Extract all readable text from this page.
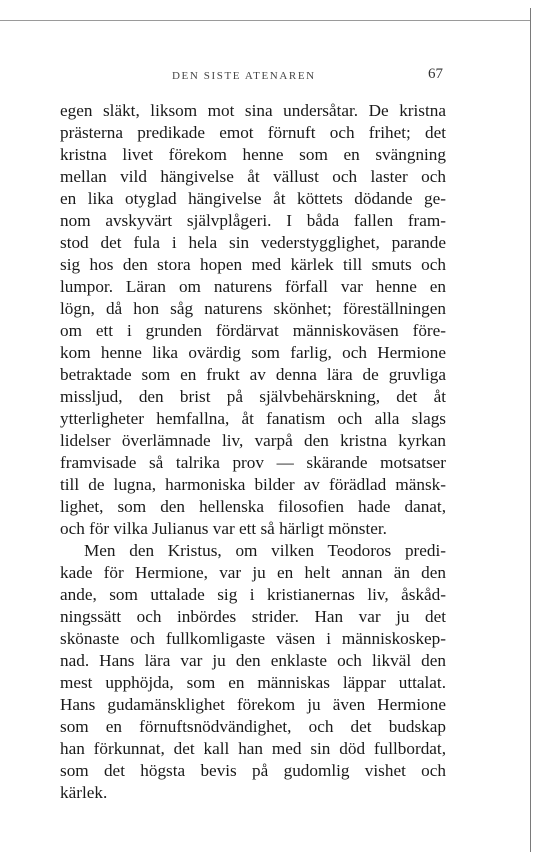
DEN SISTE ATENAREN	67
egen släkt, liksom mot sina undersåtar. De kristna
prästerna predikade emot förnuft och frihet; det
kristna livet förekom henne som en svängning
mellan vild hängivelse åt vällust och laster och
en lika otyglad hängivelse åt köttets dödande ge-
nom avskyvärt självplågeri. I båda fallen fram-
stod det fula i hela sin vederstygglighet, parande
sig hos den stora hopen med kärlek till smuts och
lumpor. Läran om naturens förfall var henne en
lögn, då hon såg naturens skönhet; föreställningen
om ett i grunden fördärvat människoväsen före-
kom henne lika ovärdig som farlig, och Hermione
betraktade som en frukt av denna lära de gruvliga
missljud, den brist på självbehärskning, det åt
ytterligheter hemfallna, åt fanatism och alla slags
lidelser överlämnade liv, varpå den kristna kyrkan
framvisade så talrika prov — skärande motsatser
till de lugna, harmoniska bilder av förädlad mänsk-
lighet, som den hellenska filosofien hade danat,
och för vilka Julianus var ett så härligt mönster.
Men den Kristus, om vilken Teodoros predi-
kade för Hermione, var ju en helt annan än den
ande, som uttalade sig i kristianernas liv, åskåd-
ningssätt och inbördes strider. Han var ju det
skönaste och fullkomligaste väsen i människoskep-
nad. Hans lära var ju den enklaste och likväl den
mest upphöjda, som en människas läppar uttalat.
Hans gudamänsklighet förekom ju även Hermione
som en förnuftsnödvändighet, och det budskap
han förkunnat, det kall han med sin död fullbordat,
som det högsta bevis på gudomlig vishet och
kärlek.
